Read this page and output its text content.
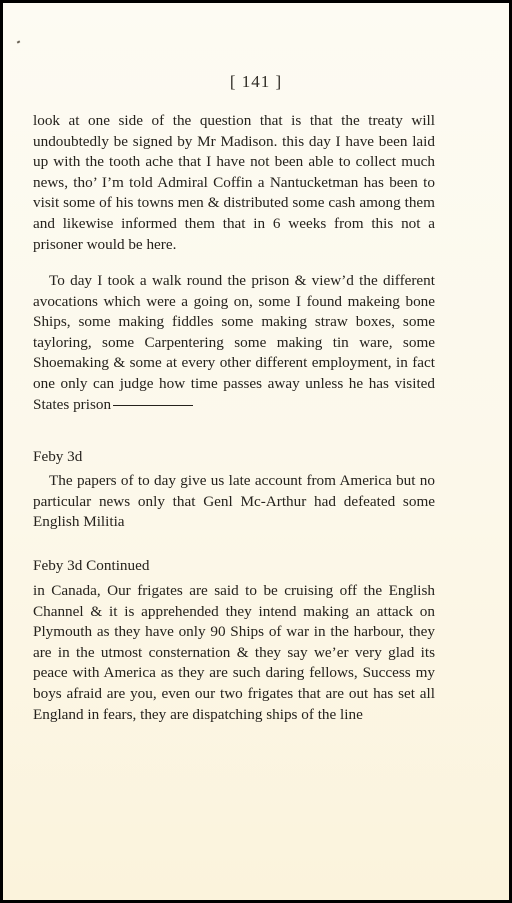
[ 141 ]

look at one side of the question that is that the treaty will undoubtedly be signed by Mr Madison. this day I have been laid up with the tooth ache that I have not been able to collect much news, tho’ I’m told Admiral Coffin a Nantucketman has been to visit some of his towns men & distributed some cash among them and likewise informed them that in 6 weeks from this not a prisoner would be here.

To day I took a walk round the prison & view’d the different avocations which were a going on, some I found makeing bone Ships, some making fiddles some making straw boxes, some tayloring, some Carpentering some making tin ware, some Shoemaking & some at every other different employment, in fact one only can judge how time passes away unless he has visited States prison

Feby 3d

The papers of to day give us late account from America but no particular news only that Genl Mc-Arthur had defeated some English Militia

Feby 3d Continued

in Canada, Our frigates are said to be cruising off the English Channel & it is apprehended they intend making an attack on Plymouth as they have only 90 Ships of war in the harbour, they are in the utmost consternation & they say we’er very glad its peace with America as they are such daring fellows, Success my boys afraid are you, even our two frigates that are out has set all England in fears, they are dispatching ships of the line
